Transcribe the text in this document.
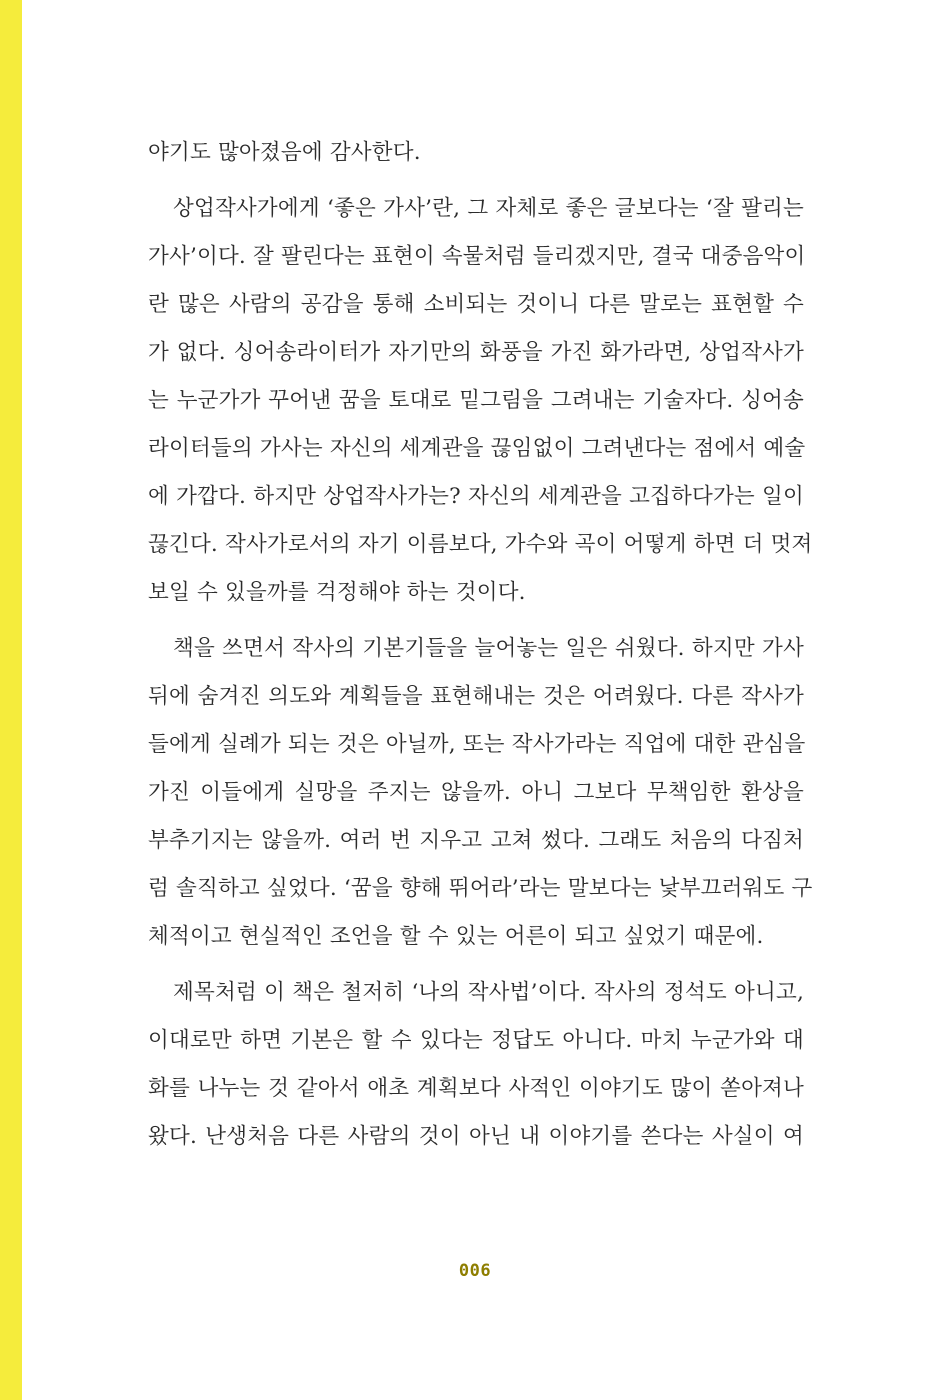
야기도 많아졌음에 감사한다.
상업작사가에게 ‘좋은 가사’란, 그 자체로 좋은 글보다는 ‘잘 팔리는
가사’이다. 잘 팔린다는 표현이 속물처럼 들리겠지만, 결국 대중음악이
란 많은 사람의 공감을 통해 소비되는 것이니 다른 말로는 표현할 수
가 없다. 싱어송라이터가 자기만의 화풍을 가진 화가라면, 상업작사가
는 누군가가 꾸어낸 꿈을 토대로 밑그림을 그려내는 기술자다. 싱어송
라이터들의 가사는 자신의 세계관을 끊임없이 그려낸다는 점에서 예술
에 가깝다. 하지만 상업작사가는? 자신의 세계관을 고집하다가는 일이
끊긴다. 작사가로서의 자기 이름보다, 가수와 곡이 어떻게 하면 더 멋져
보일 수 있을까를 걱정해야 하는 것이다.
책을 쓰면서 작사의 기본기들을 늘어놓는 일은 쉬웠다. 하지만 가사
뒤에 숨겨진 의도와 계획들을 표현해내는 것은 어려웠다. 다른 작사가
들에게 실례가 되는 것은 아닐까, 또는 작사가라는 직업에 대한 관심을
가진 이들에게 실망을 주지는 않을까. 아니 그보다 무책임한 환상을
부추기지는 않을까. 여러 번 지우고 고쳐 썼다. 그래도 처음의 다짐처
럼 솔직하고 싶었다. ‘꿈을 향해 뛰어라’라는 말보다는 낯부끄러워도 구
체적이고 현실적인 조언을 할 수 있는 어른이 되고 싶었기 때문에.
제목처럼 이 책은 철저히 ‘나의 작사법’이다. 작사의 정석도 아니고,
이대로만 하면 기본은 할 수 있다는 정답도 아니다. 마치 누군가와 대
화를 나누는 것 같아서 애초 계획보다 사적인 이야기도 많이 쏟아져나
왔다. 난생처음 다른 사람의 것이 아닌 내 이야기를 쓴다는 사실이 여
006
